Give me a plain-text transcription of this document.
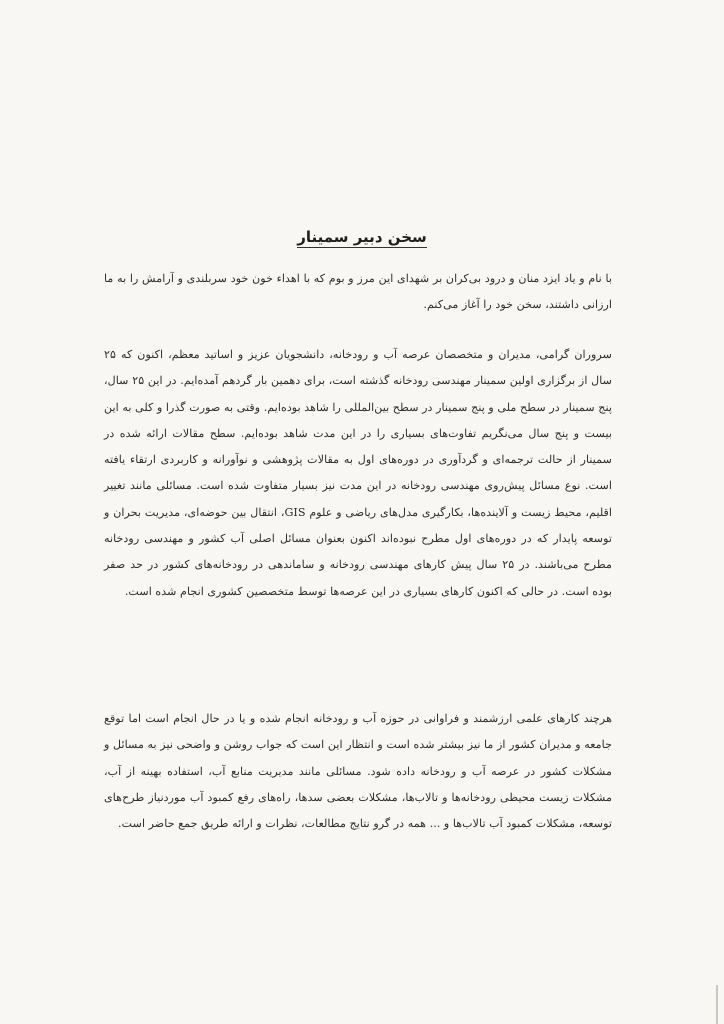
سخن دبیر سمینار

با نام و یاد ایزد منان و درود بی‌کران بر شهدای این مرز و بوم که با اهداء خون خود سربلندی و آرامش را به ما ارزانی داشتند، سخن خود را آغاز می‌کنم.

سروران گرامی، مدیران و متخصصان عرصه آب و رودخانه، دانشجویان عزیز و اساتید معظم، اکنون که ۲۵ سال از برگزاری اولین سمینار مهندسی رودخانه گذشته است، برای دهمین بار گردهم آمده‌ایم. در این ۲۵ سال، پنج سمینار در سطح ملی و پنج سمینار در سطح بین‌المللی را شاهد بوده‌ایم. وقتی به صورت گذرا و کلی به این بیست و پنج سال می‌نگریم تفاوت‌های بسیاری را در این مدت شاهد بوده‌ایم. سطح مقالات ارائه شده در سمینار از حالت ترجمه‌ای و گردآوری در دوره‌های اول به مقالات پژوهشی و نوآورانه و کاربردی ارتقاء یافته است. نوع مسائل پیش‌روی مهندسی رودخانه در این مدت نیز بسیار متفاوت شده است. مسائلی مانند تغییر اقلیم، محیط زیست و آلاینده‌ها، بکارگیری مدل‌های ریاضی و علوم GIS، انتقال بین حوضه‌ای، مدیریت بحران و توسعه پایدار که در دوره‌های اول مطرح نبوده‌اند اکنون بعنوان مسائل اصلی آب کشور و مهندسی رودخانه مطرح می‌باشند. در ۲۵ سال پیش کارهای مهندسی رودخانه و ساماندهی در رودخانه‌های کشور در حد صفر بوده است. در حالی که اکنون کارهای بسیاری در این عرصه‌ها توسط متخصصین کشوری انجام شده است.

هرچند کارهای علمی ارزشمند و فراوانی در حوزه آب و رودخانه انجام شده و یا در حال انجام است اما توقع جامعه و مدیران کشور از ما نیز بیشتر شده است و انتظار این است که جواب روشن و واضحی نیز به مسائل و مشکلات کشور در عرصه آب و رودخانه داده شود. مسائلی مانند مدیریت منابع آب، استفاده بهینه از آب، مشکلات زیست محیطی رودخانه‌ها و تالاب‌ها، مشکلات بعضی سدها، راه‌های رفع کمبود آب موردنیاز طرح‌های توسعه، مشکلات کمبود آب تالاب‌ها و ... همه در گرو نتایج مطالعات، نظرات و ارائه طریق جمع حاضر است.
